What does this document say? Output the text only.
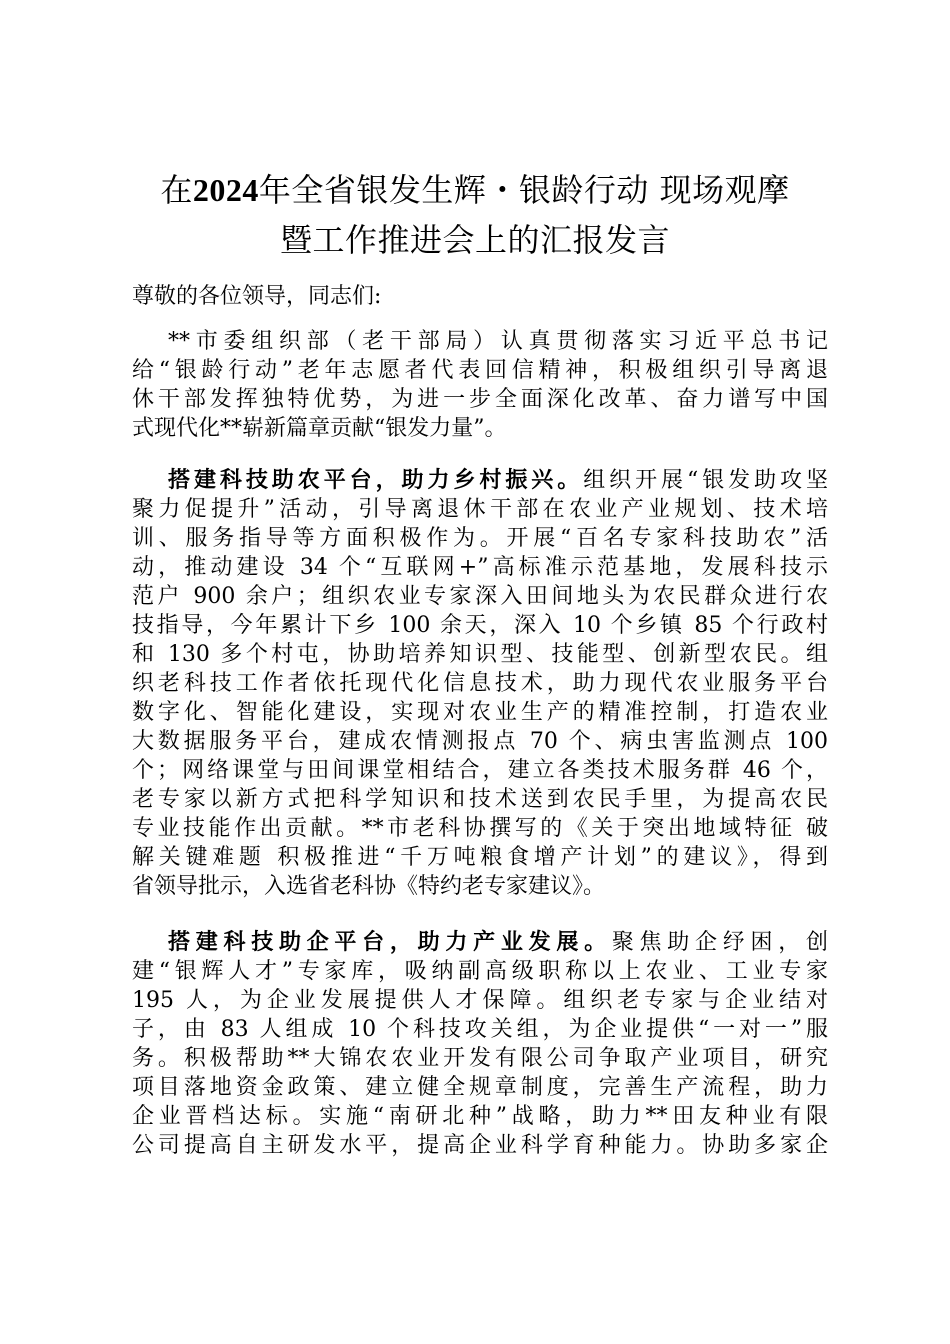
在2024年全省银发生辉・银龄行动 现场观摩
暨工作推进会上的汇报发言
尊敬的各位领导，同志们:
**市委组织部（老干部局）认真贯彻落实习近平总书记
给“银龄行动”老年志愿者代表回信精神，积极组织引导离退
休干部发挥独特优势，为进一步全面深化改革、奋力谱写中国
式现代化**崭新篇章贡献“银发力量”。
搭建科技助农平台，助力乡村振兴。组织开展“银发助攻坚
聚力促提升”活动，引导离退休干部在农业产业规划、技术培
训、服务指导等方面积极作为。开展“百名专家科技助农”活
动，推动建设 34 个“互联网+”高标准示范基地，发展科技示
范户 900 余户；组织农业专家深入田间地头为农民群众进行农
技指导，今年累计下乡 100 余天，深入 10 个乡镇 85 个行政村
和 130 多个村屯，协助培养知识型、技能型、创新型农民。组
织老科技工作者依托现代化信息技术，助力现代农业服务平台
数字化、智能化建设，实现对农业生产的精准控制，打造农业
大数据服务平台，建成农情测报点 70 个、病虫害监测点 100
个；网络课堂与田间课堂相结合，建立各类技术服务群 46 个，
老专家以新方式把科学知识和技术送到农民手里，为提高农民
专业技能作出贡献。**市老科协撰写的《关于突出地域特征 破
解关键难题 积极推进“千万吨粮食增产计划”的建议》，得到
省领导批示，入选省老科协《特约老专家建议》。
搭建科技助企平台，助力产业发展。聚焦助企纾困，创
建“银辉人才”专家库，吸纳副高级职称以上农业、工业专家
195 人，为企业发展提供人才保障。组织老专家与企业结对
子，由 83 人组成 10 个科技攻关组，为企业提供“一对一”服
务。积极帮助**大锦农农业开发有限公司争取产业项目，研究
项目落地资金政策、建立健全规章制度，完善生产流程，助力
企业晋档达标。实施“南研北种”战略，助力**田友种业有限
公司提高自主研发水平，提高企业科学育种能力。协助多家企
